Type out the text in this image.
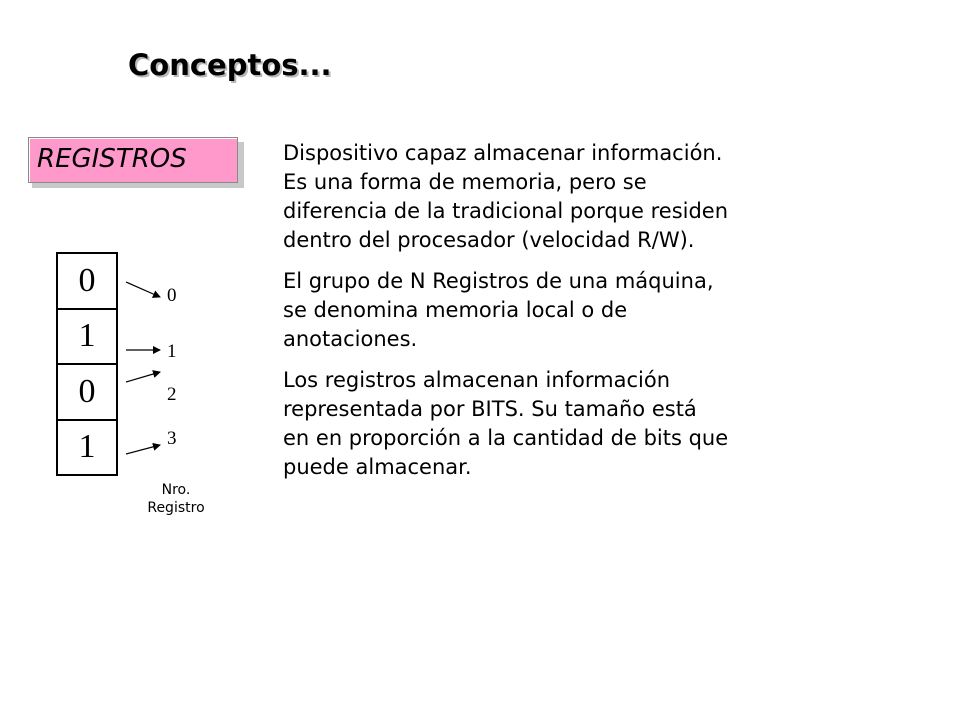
Conceptos...
REGISTROS
0
1
0
1
0
1
2
3
Nro.
Registro

Dispositivo capaz almacenar información.
Es una forma de memoria, pero se
diferencia de la tradicional porque residen
dentro del procesador (velocidad R/W).

El grupo de N Registros de una máquina,
se denomina memoria local o de
anotaciones.

Los registros almacenan información
representada por BITS. Su tamaño está
en en proporción a la cantidad de bits que
puede almacenar.
